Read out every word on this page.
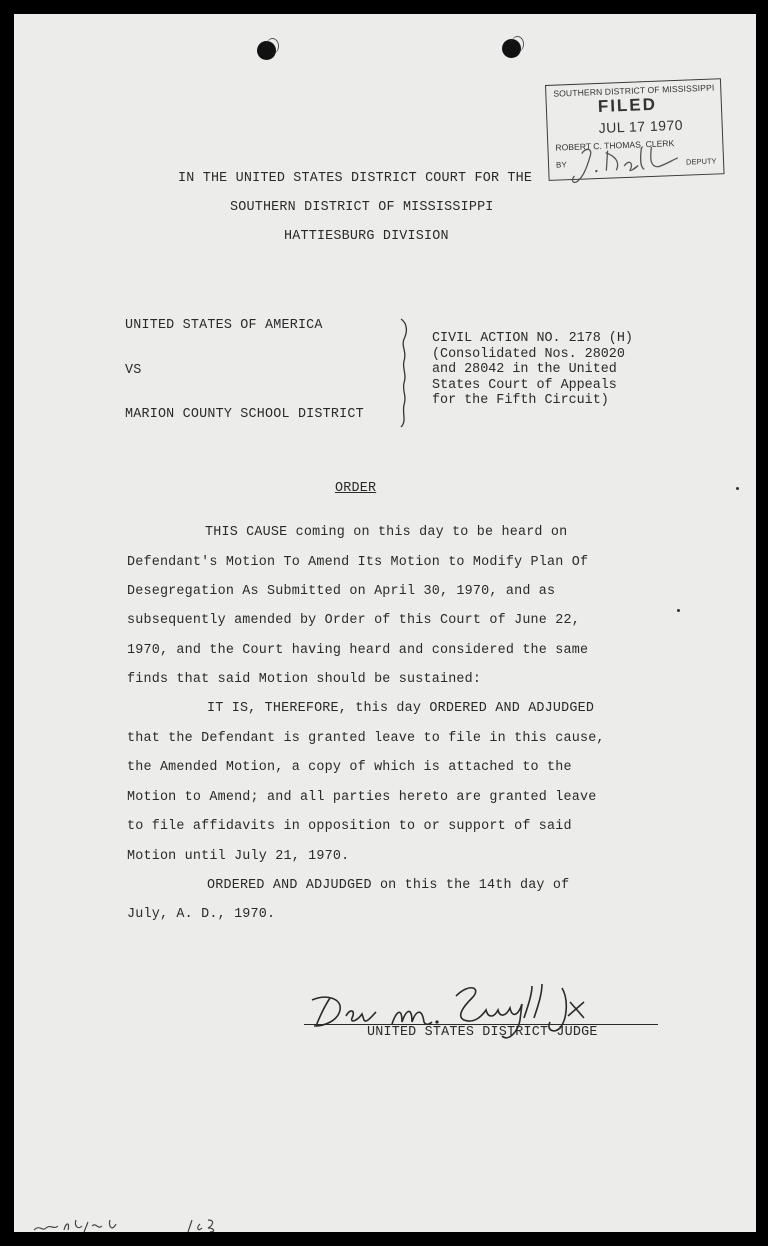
SOUTHERN DISTRICT OF MISSISSIPPI
FILED
JUL 17 1970
ROBERT C. THOMAS, CLERK
BY	DEPUTY
IN THE UNITED STATES DISTRICT COURT FOR THE
SOUTHERN DISTRICT OF MISSISSIPPI
HATTIESBURG DIVISION
UNITED STATES OF AMERICA
VS
MARION COUNTY SCHOOL DISTRICT
CIVIL ACTION NO. 2178 (H)
(Consolidated Nos. 28020
and 28042 in the United
States Court of Appeals
for the Fifth Circuit)
ORDER
THIS CAUSE coming on this day to be heard on
Defendant's Motion To Amend Its Motion to Modify Plan Of
Desegregation As Submitted on April 30, 1970, and as
subsequently amended by Order of this Court of June 22,
1970, and the Court having heard and considered the same
finds that said Motion should be sustained:
IT IS, THEREFORE, this day ORDERED AND ADJUDGED
that the Defendant is granted leave to file in this cause,
the Amended Motion, a copy of which is attached to the
Motion to Amend; and all parties hereto are granted leave
to file affidavits in opposition to or support of said
Motion until July 21, 1970.
ORDERED AND ADJUDGED on this the 14th day of
July, A. D., 1970.
UNITED STATES DISTRICT JUDGE
